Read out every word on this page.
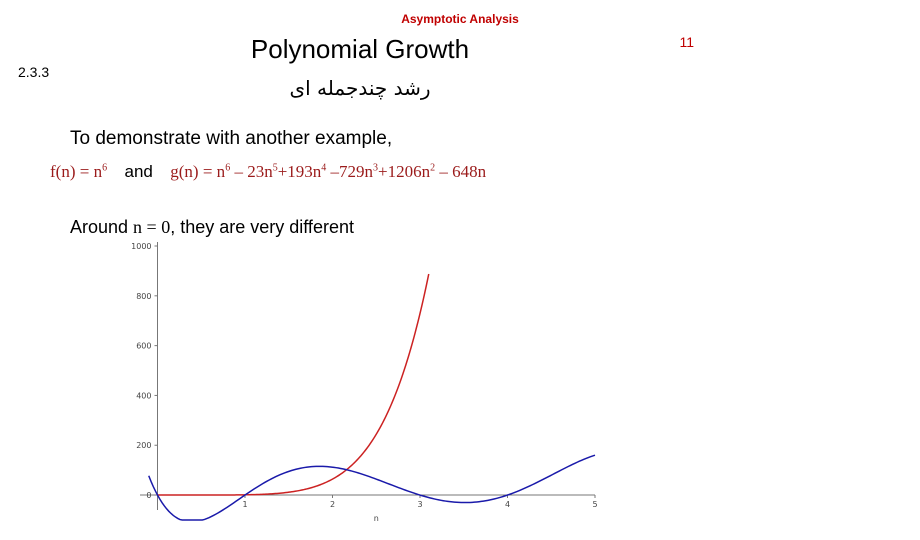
Asymptotic Analysis
11
2.3.3
Polynomial Growth
رشد چندجمله ای
To demonstrate with another example,
$f(n) = n^6$ and $g(n) = n^6 - 23n^5+193n^4$ $-729n^3+1206n^2 - 648n$
Around n = 0, they are very different
0
200
400
600
800
1000
1	2	3	4	5
n
